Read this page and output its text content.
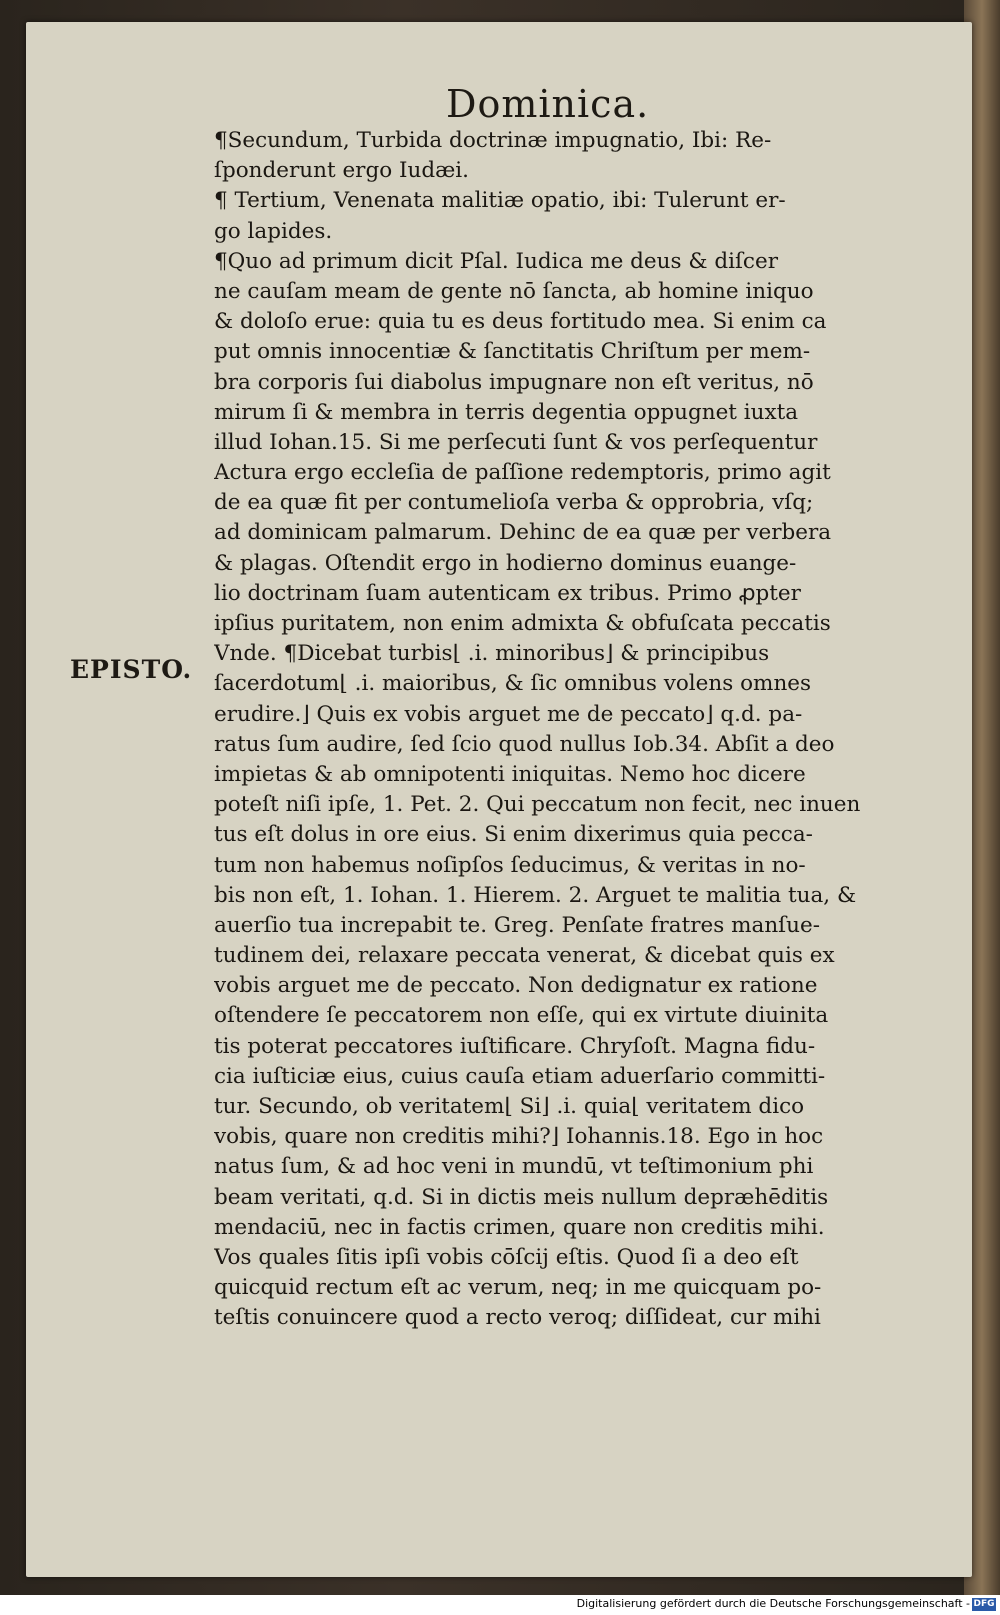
Dominica.
EPISTO.
¶Secundum, Turbida doctrinæ impugnatio, Ibi: Re-
ſponderunt ergo Iudæi.
¶ Tertium, Venenata malitiæ opatio, ibi: Tulerunt er-
go lapides.
¶Quo ad primum dicit Pſal. Iudica me deus & diſcer
ne cauſam meam de gente nō ſancta, ab homine iniquo
& doloſo erue: quia tu es deus fortitudo mea. Si enim ca
put omnis innocentiæ & ſanctitatis Chriſtum per mem-
bra corporis ſui diabolus impugnare non eſt veritus, nō
mirum ſi & membra in terris degentia oppugnet iuxta
illud Iohan.15. Si me perſecuti ſunt & vos perſequentur
Actura ergo eccleſia de paſſione redemptoris, primo agit
de ea quæ fit per contumelioſa verba & opprobria, vſq;
ad dominicam palmarum. Dehinc de ea quæ per verbera
& plagas. Oſtendit ergo in hodierno dominus euange-
lio doctrinam ſuam autenticam ex tribus. Primo ꝓpter
ipſius puritatem, non enim admixta & obfuſcata peccatis
Vnde. ¶Dicebat turbis⌊ .i. minoribus⌋ & principibus
ſacerdotum⌊ .i. maioribus, & ſic omnibus volens omnes
erudire.⌋ Quis ex vobis arguet me de peccato⌋ q.d. pa-
ratus ſum audire, ſed ſcio quod nullus Iob.34. Abſit a deo
impietas & ab omnipotenti iniquitas. Nemo hoc dicere
poteſt niſi ipſe, 1. Pet. 2. Qui peccatum non fecit, nec inuen
tus eſt dolus in ore eius. Si enim dixerimus quia pecca-
tum non habemus noſipſos ſeducimus, & veritas in no-
bis non eſt, 1. Iohan. 1. Hierem. 2. Arguet te malitia tua, &
auerſio tua increpabit te. Greg. Penſate fratres manſue-
tudinem dei, relaxare peccata venerat, & dicebat quis ex
vobis arguet me de peccato. Non dedignatur ex ratione
oſtendere ſe peccatorem non eſſe, qui ex virtute diuinita
tis poterat peccatores iuſtificare. Chryſoſt. Magna fidu-
cia iuſticiæ eius, cuius cauſa etiam aduerſario committi-
tur. Secundo, ob veritatem⌊ Si⌋ .i. quia⌊ veritatem dico
vobis, quare non creditis mihi?⌋ Iohannis.18. Ego in hoc
natus ſum, & ad hoc veni in mundū, vt teſtimonium phi
beam veritati, q.d. Si in dictis meis nullum depræhēditis
mendaciū, nec in factis crimen, quare non creditis mihi.
Vos quales ſitis ipſi vobis cōſcij eſtis. Quod ſi a deo eſt
quicquid rectum eſt ac verum, neq; in me quicquam po-
teſtis conuincere quod a recto veroq; diſſideat, cur mihi
Digitalisierung gefördert durch die Deutsche Forschungsgemeinschaft - DFG
